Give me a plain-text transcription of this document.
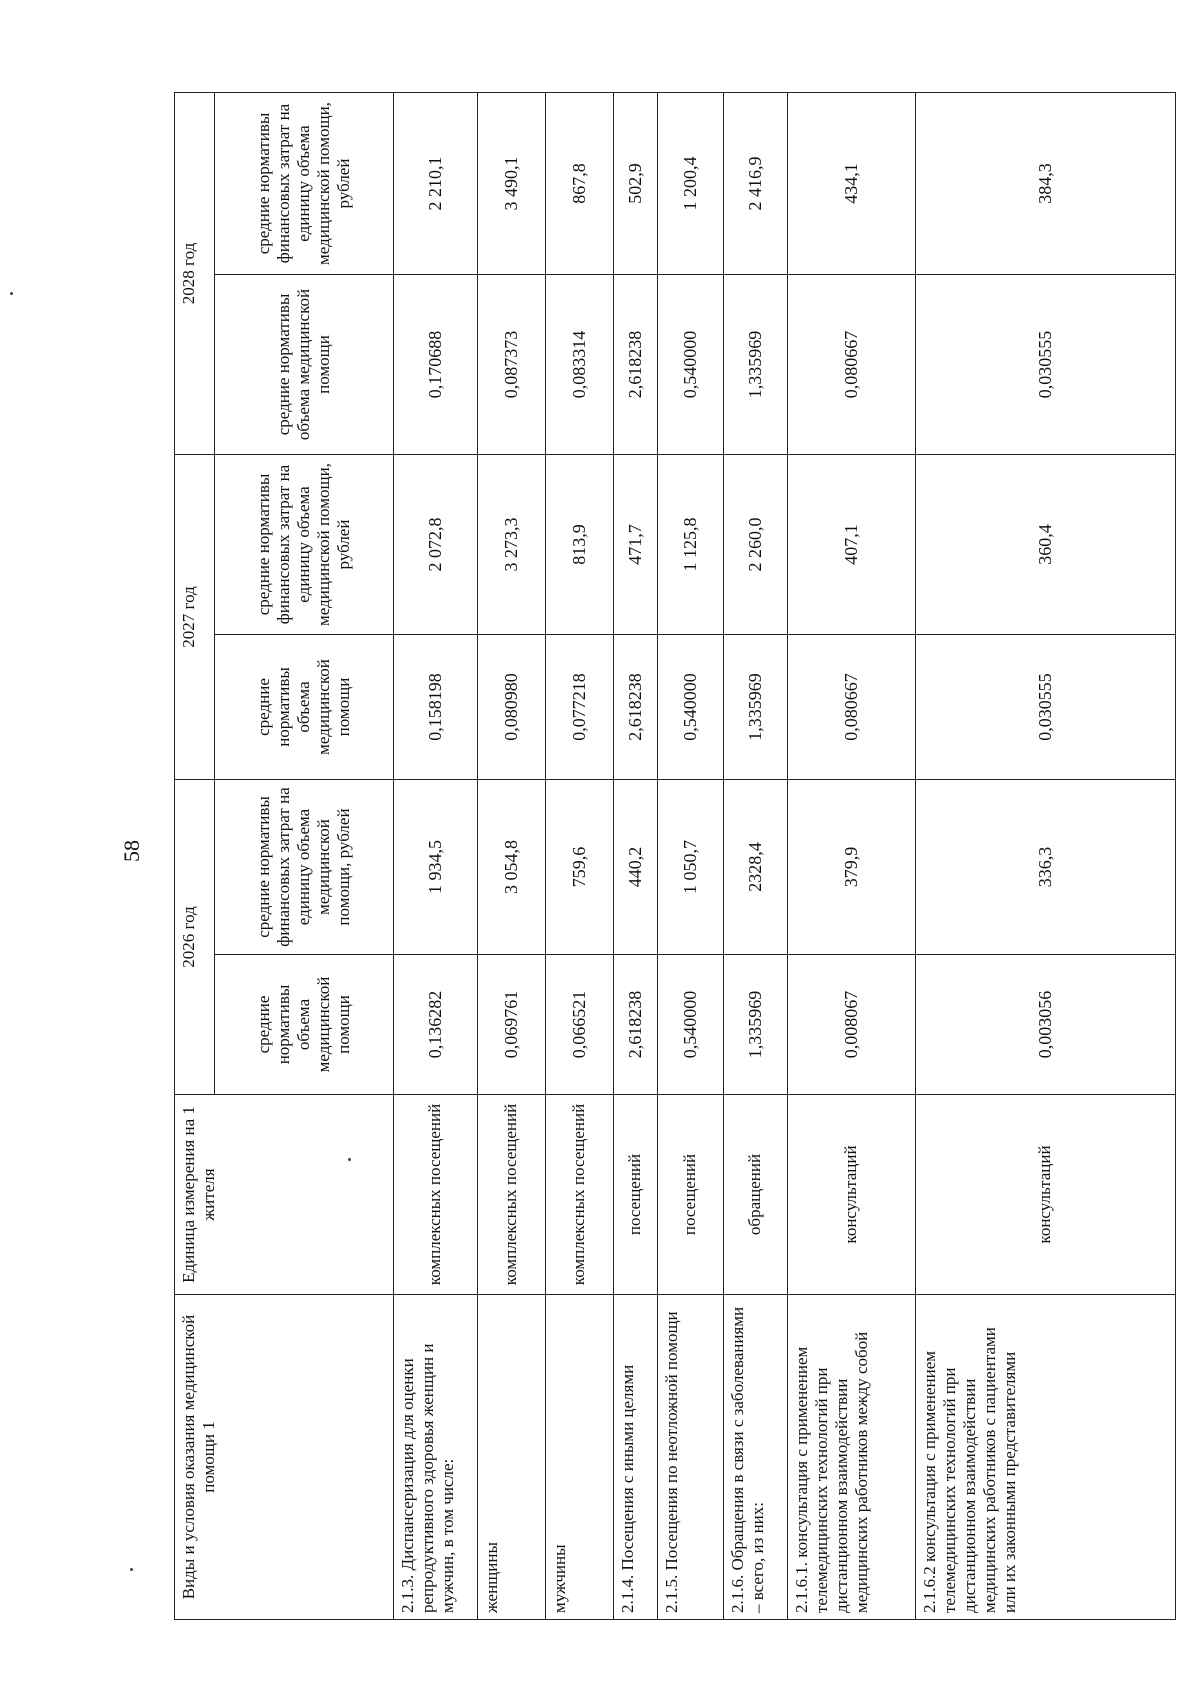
58
Виды и условия оказания медицинской помощи 1	Единица измерения на 1 жителя	2026 год		2027 год		2028 год	
		средние нормативы объема медицинской помощи	средние нормативы финансовых затрат на единицу объема медицинской помощи, рублей	средние нормативы объема медицинской помощи	средние нормативы финансовых затрат на единицу объема медицинской помощи, рублей	средние нормативы объема медицинской помощи	средние нормативы финансовых затрат на единицу объема медицинской помощи, рублей
2.1.3. Диспансеризация для оценки репродуктивного здоровья женщин и мужчин, в том числе:	комплексных посещений	0,136282	1 934,5	0,158198	2 072,8	0,170688	2 210,1
женщины	комплексных посещений	0,069761	3 054,8	0,080980	3 273,3	0,087373	3 490,1
мужчины	комплексных посещений	0,066521	759,6	0,077218	813,9	0,083314	867,8
2.1.4. Посещения с иными целями	посещений	2,618238	440,2	2,618238	471,7	2,618238	502,9
2.1.5. Посещения по неотложной помощи	посещений	0,540000	1 050,7	0,540000	1 125,8	0,540000	1 200,4
2.1.6. Обращения в связи с заболеваниями – всего, из них:	обращений	1,335969	2328,4	1,335969	2 260,0	1,335969	2 416,9
2.1.6.1. консультация с применением телемедицинских технологий при дистанционном взаимодействии медицинских работников между собой	консультаций	0,008067	379,9	0,080667	407,1	0,080667	434,1
2.1.6.2 консультация с применением телемедицинских технологий при дистанционном взаимодействии медицинских работников с пациентами или их законными представителями	консультаций	0,003056	336,3	0,030555	360,4	0,030555	384,3
